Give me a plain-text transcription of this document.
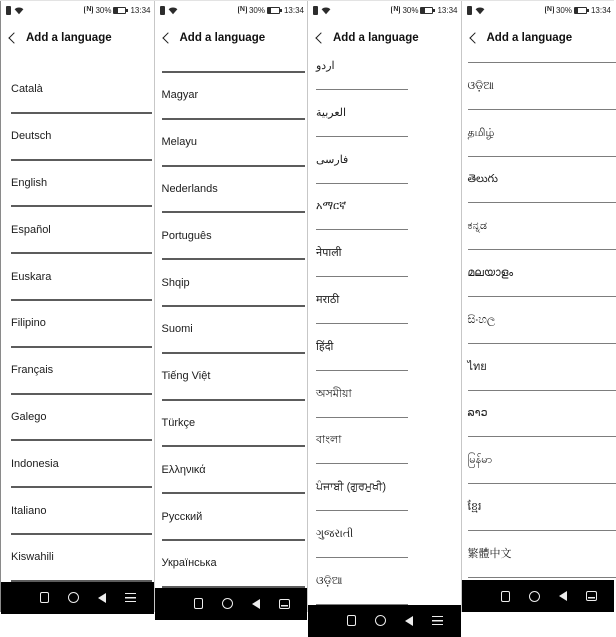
N 30% 13:34
Add a language
Català
Deutsch
English
Español
Euskara
Filipino
Français
Galego
Indonesia
Italiano
Kiswahili
N 30% 13:34
Add a language
Magyar
Melayu
Nederlands
Português
Shqip
Suomi
Tiếng Việt
Türkçe
Ελληνικά
Русский
Українська
N 30% 13:34
Add a language
اردو
العربية
فارسی
አማርኛ
नेपाली
मराठी
हिंदी
অসমীয়া
বাংলা
ਪੰਜਾਬੀ (ਗੁਰਮੁਖੀ)
ગુજરાતી
ଓଡ଼ିଆ
N 30% 13:34
Add a language
ଓଡ଼ିଆ
தமிழ்
తెలుగు
ಕನ್ನಡ
മലയാളം
සිංහල
ไทย
ລາວ
မြန်မာ
ខ្មែរ
繁體中文
